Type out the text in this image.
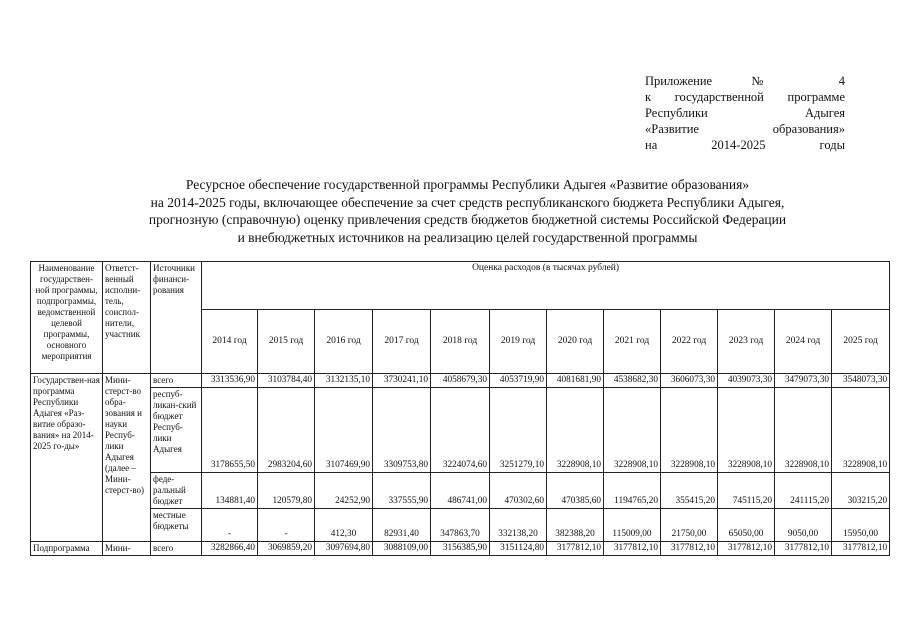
Приложение № 4
к государственной программе
Республики Адыгея
«Развитие образования»
на 2014-2025 годы
Ресурсное обеспечение государственной программы Республики Адыгея «Развитие образования»
на 2014-2025 годы, включающее обеспечение за счет средств республиканского бюджета Республики Адыгея,
прогнозную (справочную) оценку привлечения средств бюджетов бюджетной системы Российской Федерации
и внебюджетных источников на реализацию целей государственной программы
Наименование государствен-ной программы, подпрограммы, ведомственной целевой программы, основного мероприятия	Ответст-венный исполни-тель, соиспол-нители, участник	Источники финанси-рования	Оценка расходов (в тысячах рублей)											
			2014 год	2015 год	2016 год	2017 год	2018 год	2019 год	2020 год	2021 год	2022 год	2023 год	2024 год	2025 год
Государствен-ная программа Республики Адыгея «Раз-витие образо-вания» на 2014-2025 го-ды»	Мини-стерст-во обра-зования и науки Респуб-лики Адыгея (далее – Мини-стерст-во)	всего	3313536,90	3103784,40	3132135,10	3730241,10	4058679,30	4053719,90	4081681,90	4538682,30	3606073,30	4039073,30	3479073,30	3548073,30
		респуб-ликан-ский бюджет Респуб-лики Адыгея	3178655,50	2983204,60	3107469,90	3309753,80	3224074,60	3251279,10	3228908,10	3228908,10	3228908,10	3228908,10	3228908,10	3228908,10
		феде-ральный бюджет	134881,40	120579,80	24252,90	337555,90	486741,00	470302,60	470385,60	1194765,20	355415,20	745115,20	241115,20	303215,20
		местные бюджеты	-	-	412,30	82931,40	347863,70	332138,20	382388,20	115009,00	21750,00	65050,00	9050,00	15950,00
Подпрограмма	Мини-	всего	3282866,40	3069859,20	3097694,80	3088109,00	3156385,90	3151124,80	3177812,10	3177812,10	3177812,10	3177812,10	3177812,10	3177812,10
